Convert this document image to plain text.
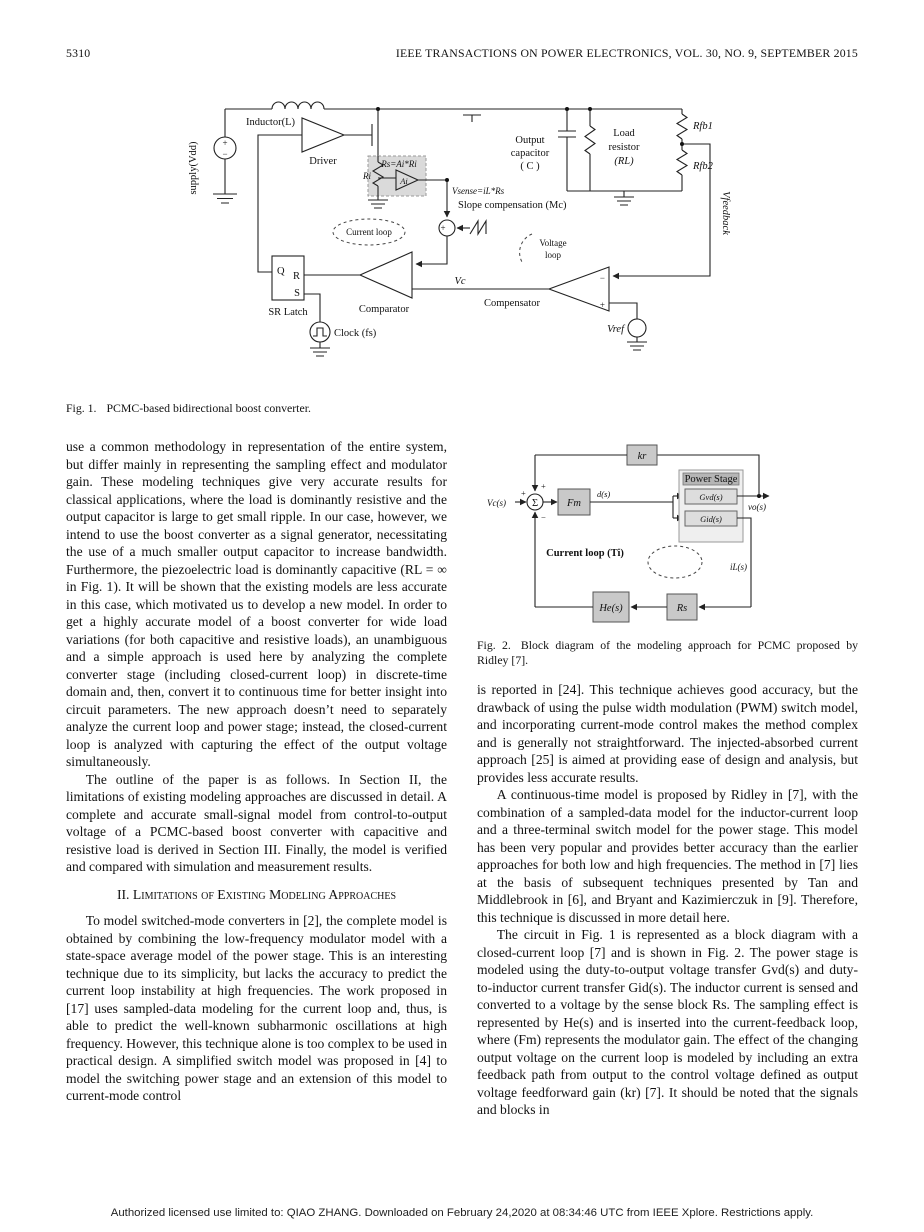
5310	IEEE TRANSACTIONS ON POWER ELECTRONICS, VOL. 30, NO. 9, SEPTEMBER 2015
+
−
+
−
+
Q R
S
supply(Vdd)
Inductor(L)
Driver	Rs=Ai*Ri
Ri	Ai
Vsense=iL*Rs
Output
capacitor
( C )
Load
resistor
(RL)
Rfb1
Rfb2
Vfeedback
Slope compensation (Mc)
Current loop
Voltage
loop
SR Latch	Comparator
Vc
Compensator
Clock (fs)	Vref
Fig. 1. PCMC-based bidirectional boost converter.

use a common methodology in representation of the entire system, but differ mainly in representing the sampling effect and modulator gain. These modeling techniques give very accurate results for classical applications, where the load is dominantly resistive and the output capacitor is large to get small ripple. In our case, however, we intend to use the boost converter as a signal generator, necessitating the use of a much smaller output capacitor to increase bandwidth. Furthermore, the piezoelectric load is dominantly capacitive (RL = ∞ in Fig. 1). It will be shown that the existing models are less accurate in this case, which motivated us to develop a new model. In order to get a highly accurate model of a boost converter for wide load variations (for both capacitive and resistive loads), an unambiguous and a simple approach is used here by analyzing the complete converter stage (including closed-current loop) in discrete-time domain and, then, convert it to continuous time for better insight into circuit parameters. The new approach doesn’t need to separately analyze the current loop and power stage; instead, the closed-current loop is analyzed with capturing the effect of the output voltage simultaneously.

The outline of the paper is as follows. In Section II, the limitations of existing modeling approaches are discussed in detail. A complete and accurate small-signal model from control-to-output voltage of a PCMC-based boost converter with capacitive and resistive load is derived in Section III. Finally, the model is verified and compared with simulation and measurement results.

II. Limitations of Existing Modeling Approaches

To model switched-mode converters in [2], the complete model is obtained by combining the low-frequency modulator model with a state-space average model of the power stage. This is an interesting technique due to its simplicity, but lacks the accuracy to predict the current loop instability at high frequencies. The work proposed in [17] uses sampled-data modeling for the current loop and, thus, is able to predict the well-known subharmonic oscillations at high frequency. However, this technique alone is too complex to be used in practical design. A simplified switch model was proposed in [4] to model the switching power stage and an extension of this model to current-mode control

Σ
+
+
−
Fm
d(s)
Power Stage
Gvd(s)
Gid(s)
vo(s)
kr
iL(s)
Rs
He(s)
Current loop (Ti)
Vc(s)
Fig. 2. Block diagram of the modeling approach for PCMC proposed by Ridley [7].

is reported in [24]. This technique achieves good accuracy, but the drawback of using the pulse width modulation (PWM) switch model, and incorporating current-mode control makes the method complex and is generally not straightforward. The injected-absorbed current approach [25] is aimed at providing ease of design and analysis, but provides less accurate results.

A continuous-time model is proposed by Ridley in [7], with the combination of a sampled-data model for the inductor-current loop and a three-terminal switch model for the power stage. This model has been very popular and provides better accuracy than the earlier approaches for both low and high frequencies. The method in [7] lies at the basis of subsequent techniques presented by Tan and Middlebrook in [6], and Bryant and Kazimierczuk in [9]. Therefore, this technique is discussed in more detail here.

The circuit in Fig. 1 is represented as a block diagram with a closed-current loop [7] and is shown in Fig. 2. The power stage is modeled using the duty-to-output voltage transfer Gvd(s) and duty-to-inductor current transfer Gid(s). The inductor current is sensed and converted to a voltage by the sense block Rs. The sampling effect is represented by He(s) and is inserted into the current-feedback loop, where (Fm) represents the modulator gain. The effect of the changing output voltage on the current loop is modeled by including an extra feedback path from output to the control voltage defined as output voltage feedforward gain (kr) [7]. It should be noted that the signals and blocks in

Authorized licensed use limited to: QIAO ZHANG. Downloaded on February 24,2020 at 08:34:46 UTC from IEEE Xplore. Restrictions apply.
